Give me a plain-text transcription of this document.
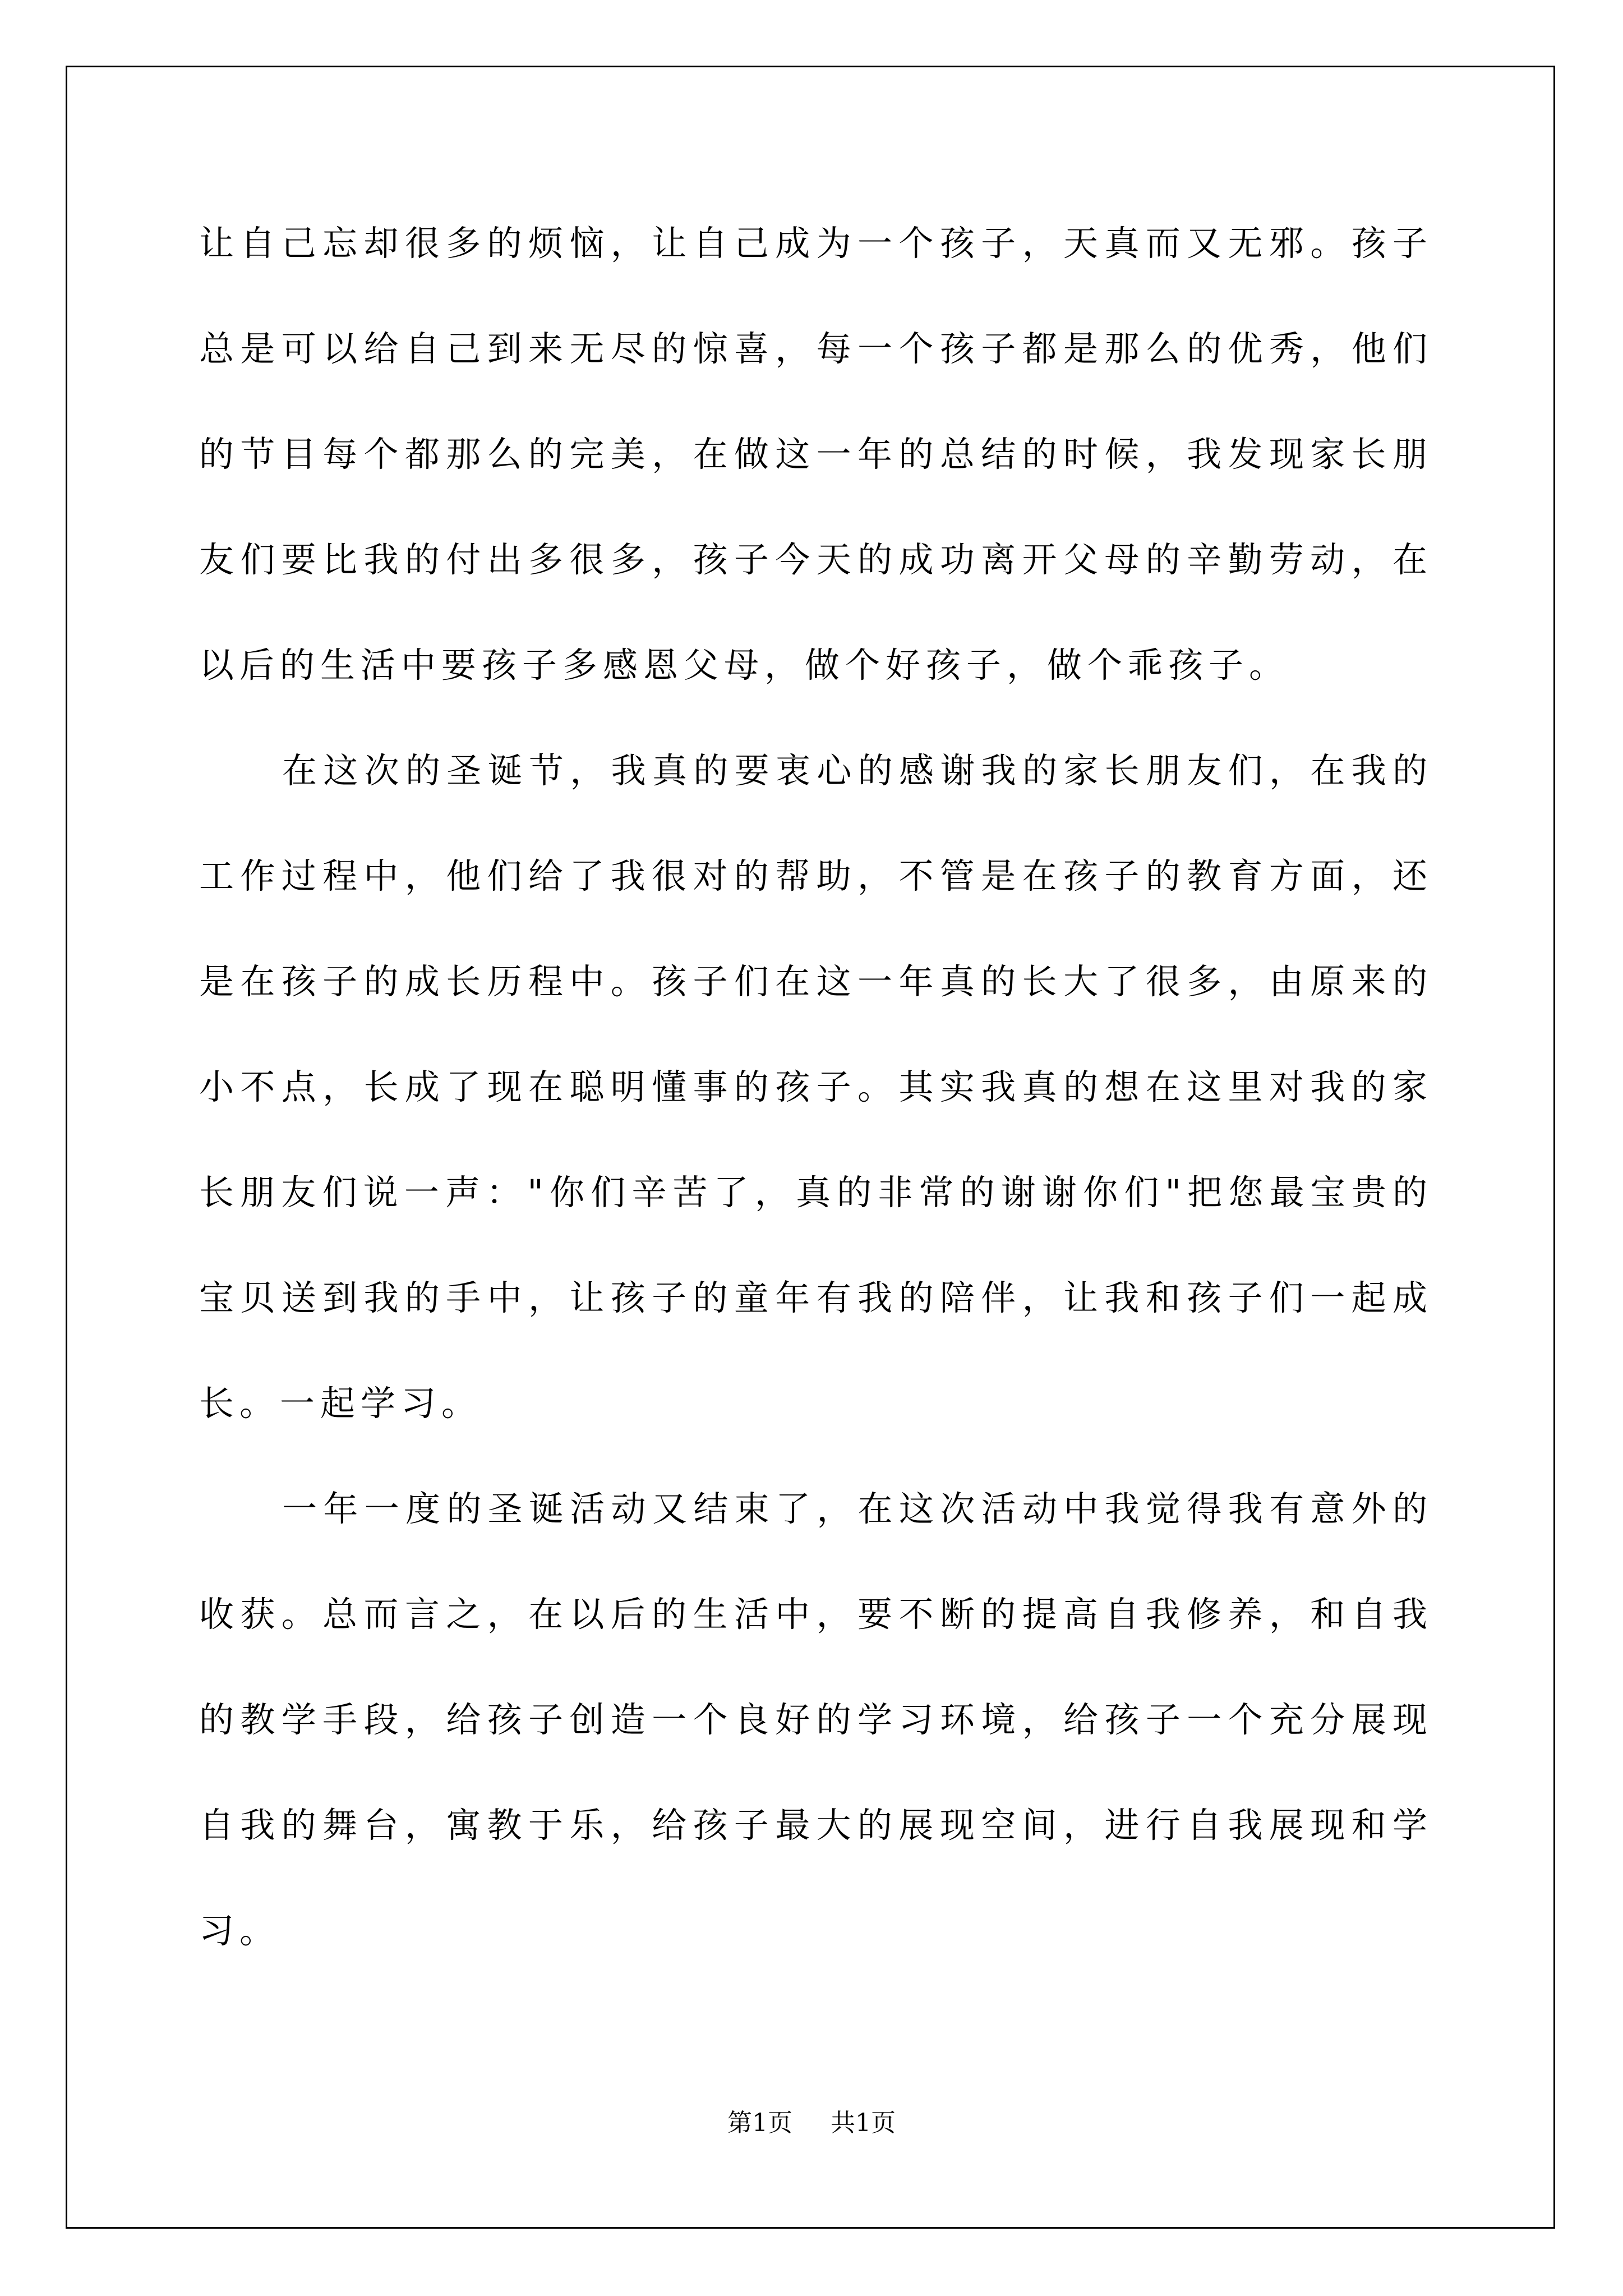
让自己忘却很多的烦恼，让自己成为一个孩子，天真而又无邪。孩子总是可以给自己到来无尽的惊喜，每一个孩子都是那么的优秀，他们的节目每个都那么的完美，在做这一年的总结的时候，我发现家长朋友们要比我的付出多很多，孩子今天的成功离开父母的辛勤劳动，在以后的生活中要孩子多感恩父母，做个好孩子，做个乖孩子。

在这次的圣诞节，我真的要衷心的感谢我的家长朋友们，在我的工作过程中，他们给了我很对的帮助，不管是在孩子的教育方面，还是在孩子的成长历程中。孩子们在这一年真的长大了很多，由原来的小不点，长成了现在聪明懂事的孩子。其实我真的想在这里对我的家长朋友们说一声："你们辛苦了，真的非常的谢谢你们"把您最宝贵的宝贝送到我的手中，让孩子的童年有我的陪伴，让我和孩子们一起成长。一起学习。

一年一度的圣诞活动又结束了，在这次活动中我觉得我有意外的收获。总而言之，在以后的生活中，要不断的提高自我修养，和自我的教学手段，给孩子创造一个良好的学习环境，给孩子一个充分展现自我的舞台，寓教于乐，给孩子最大的展现空间，进行自我展现和学习。

第1页 共1页
